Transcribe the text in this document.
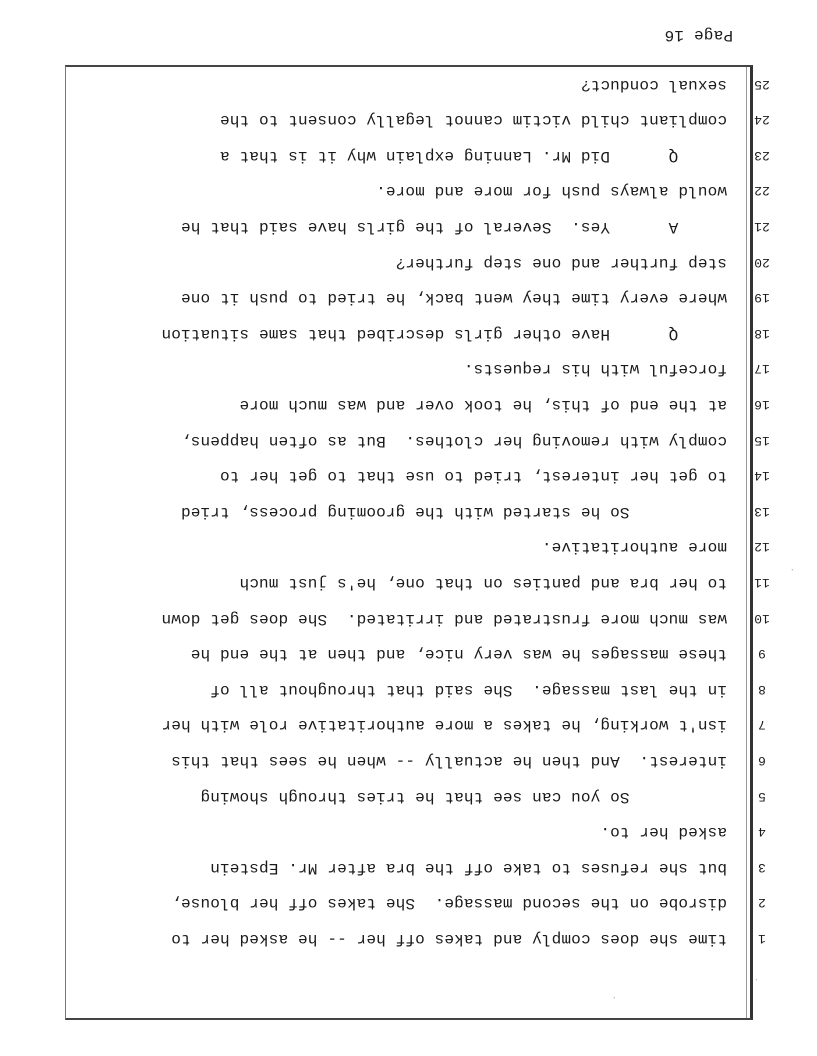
Page 16
1
time she does comply and takes off her -- he asked her to
2
disrobe on the second massage.  She takes off her blouse,
3
but she refuses to take off the bra after Mr. Epstein
4
asked her to.
5
So you can see that he tries through showing
6
interest.  And then he actually -- when he sees that this
7
isn't working, he takes a more authoritative role with her
8
in the last massage.  She said that throughout all of
9
these massages he was very nice, and then at the end he
10
was much more frustrated and irritated.  She does get down
11
to her bra and panties on that one, he's just much
12
more authoritative.
13
So he started with the grooming process, tried
14
to get her interest, tried to use that to get her to
15
comply with removing her clothes.  But as often happens,
16
at the end of this, he took over and was much more
17
forceful with his requests.
18
Q      Have other girls described that same situation
19
where every time they went back, he tried to push it one
20
step further and one step further?
21
A      Yes.  Several of the girls have said that he
22
would always push for more and more.
23
Q      Did Mr. Lanning explain why it is that a
24
compliant child victim cannot legally consent to the
25
sexual conduct?
.
.
.
